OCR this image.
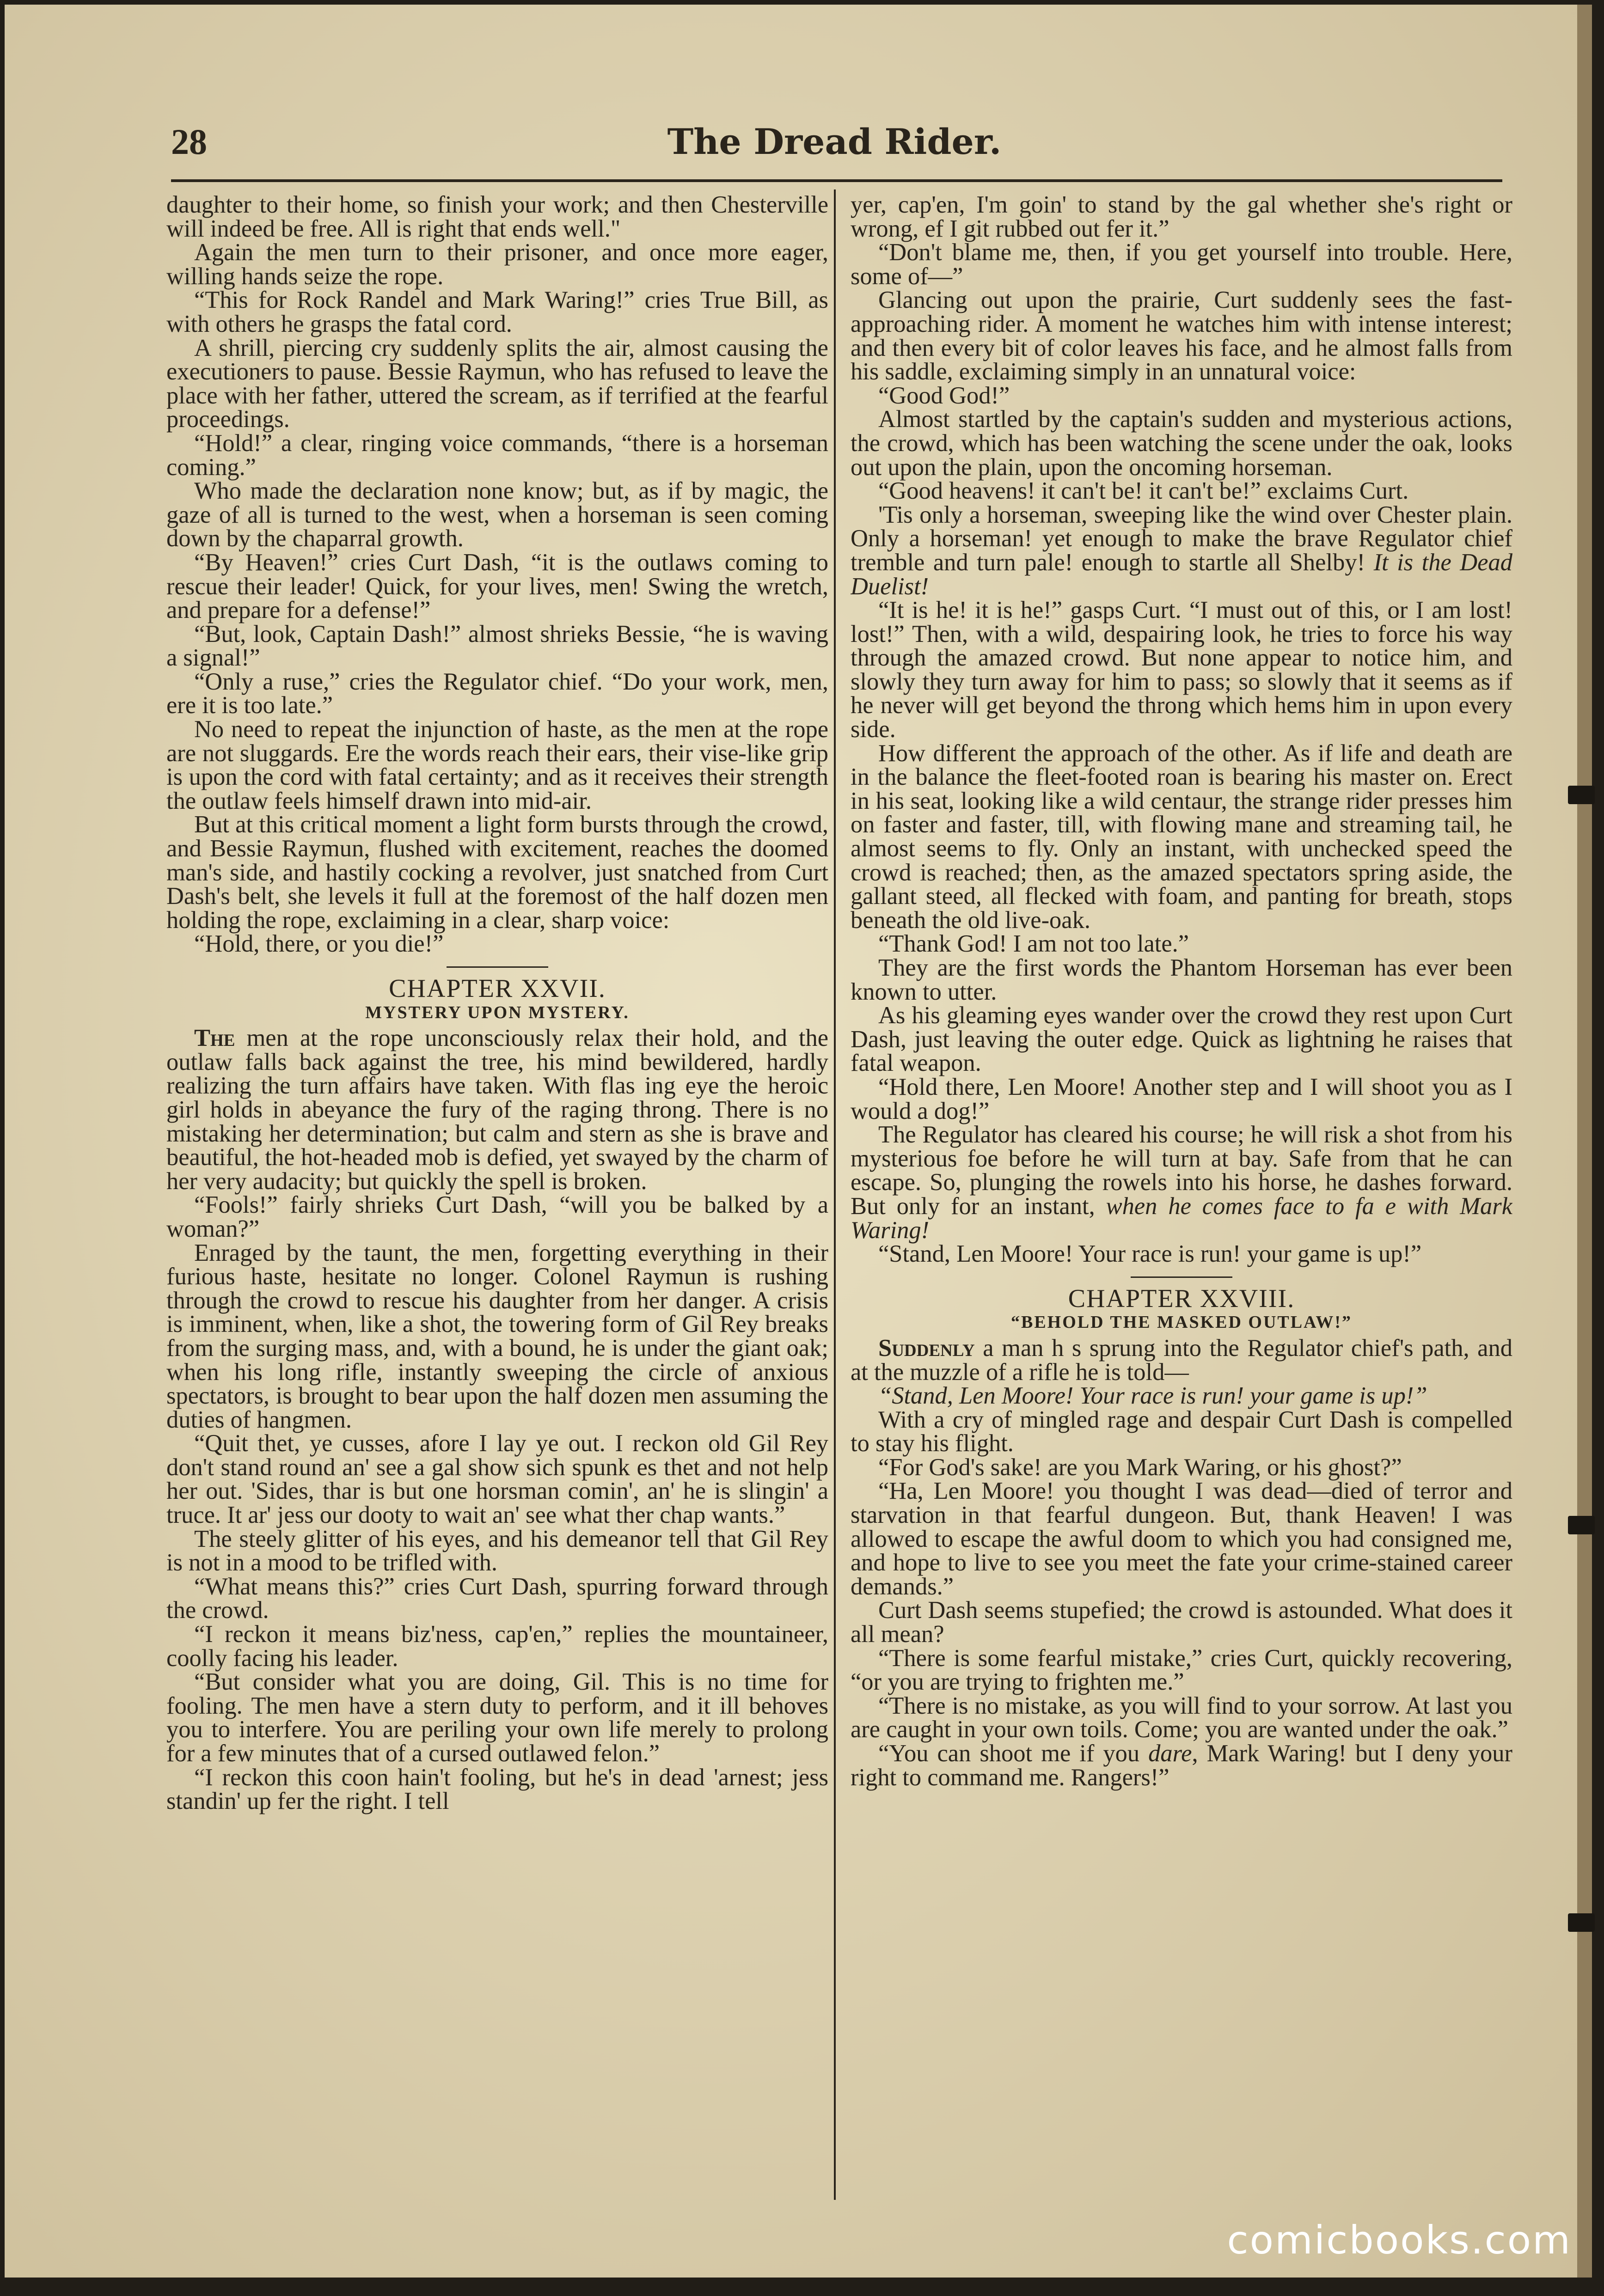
28	The Dread Rider.

daughter to their home, so finish your work; and then Chesterville will indeed be free. All is right that ends well."

Again the men turn to their prisoner, and once more eager, willing hands seize the rope.

“This for Rock Randel and Mark Waring!” cries True Bill, as with others he grasps the fatal cord.

A shrill, piercing cry suddenly splits the air, almost causing the executioners to pause. Bessie Raymun, who has refused to leave the place with her father, uttered the scream, as if terrified at the fearful proceedings.

“Hold!” a clear, ringing voice commands, “there is a horseman coming.”

Who made the declaration none know; but, as if by magic, the gaze of all is turned to the west, when a horseman is seen coming down by the chaparral growth.

“By Heaven!” cries Curt Dash, “it is the outlaws coming to rescue their leader! Quick, for your lives, men! Swing the wretch, and prepare for a defense!”

“But, look, Captain Dash!” almost shrieks Bessie, “he is waving a signal!”

“Only a ruse,” cries the Regulator chief. “Do your work, men, ere it is too late.”

No need to repeat the injunction of haste, as the men at the rope are not sluggards. Ere the words reach their ears, their vise-like grip is upon the cord with fatal certainty; and as it receives their strength the outlaw feels himself drawn into mid-air.

But at this critical moment a light form bursts through the crowd, and Bessie Raymun, flushed with excitement, reaches the doomed man's side, and hastily cocking a revolver, just snatched from Curt Dash's belt, she levels it full at the foremost of the half dozen men holding the rope, exclaiming in a clear, sharp voice:

“Hold, there, or you die!”

CHAPTER XXVII.
MYSTERY UPON MYSTERY.

The men at the rope unconsciously relax their hold, and the outlaw falls back against the tree, his mind bewildered, hardly realizing the turn affairs have taken. With flas ing eye the heroic girl holds in abeyance the fury of the raging throng. There is no mistaking her determination; but calm and stern as she is brave and beautiful, the hot-headed mob is defied, yet swayed by the charm of her very audacity; but quickly the spell is broken.

“Fools!” fairly shrieks Curt Dash, “will you be balked by a woman?”

Enraged by the taunt, the men, forgetting everything in their furious haste, hesitate no longer. Colonel Raymun is rushing through the crowd to rescue his daughter from her danger. A crisis is imminent, when, like a shot, the towering form of Gil Rey breaks from the surging mass, and, with a bound, he is under the giant oak; when his long rifle, instantly sweeping the circle of anxious spectators, is brought to bear upon the half dozen men assuming the duties of hangmen.

“Quit thet, ye cusses, afore I lay ye out. I reckon old Gil Rey don't stand round an' see a gal show sich spunk es thet and not help her out. 'Sides, thar is but one horsman comin', an' he is slingin' a truce. It ar' jess our dooty to wait an' see what ther chap wants.”

The steely glitter of his eyes, and his demeanor tell that Gil Rey is not in a mood to be trifled with.

“What means this?” cries Curt Dash, spurring forward through the crowd.

“I reckon it means biz'ness, cap'en,” replies the mountaineer, coolly facing his leader.

“But consider what you are doing, Gil. This is no time for fooling. The men have a stern duty to perform, and it ill behoves you to interfere. You are periling your own life merely to prolong for a few minutes that of a cursed outlawed felon.”

“I reckon this coon hain't fooling, but he's in dead 'arnest; jess standin' up fer the right. I tell

yer, cap'en, I'm goin' to stand by the gal whether she's right or wrong, ef I git rubbed out fer it.”

“Don't blame me, then, if you get yourself into trouble. Here, some of—”

Glancing out upon the prairie, Curt suddenly sees the fast-approaching rider. A moment he watches him with intense interest; and then every bit of color leaves his face, and he almost falls from his saddle, exclaiming simply in an unnatural voice:

“Good God!”

Almost startled by the captain's sudden and mysterious actions, the crowd, which has been watching the scene under the oak, looks out upon the plain, upon the oncoming horseman.

“Good heavens! it can't be! it can't be!” exclaims Curt.

'Tis only a horseman, sweeping like the wind over Chester plain. Only a horseman! yet enough to make the brave Regulator chief tremble and turn pale! enough to startle all Shelby! It is the Dead Duelist!

“It is he! it is he!” gasps Curt. “I must out of this, or I am lost! lost!” Then, with a wild, despairing look, he tries to force his way through the amazed crowd. But none appear to notice him, and slowly they turn away for him to pass; so slowly that it seems as if he never will get beyond the throng which hems him in upon every side.

How different the approach of the other. As if life and death are in the balance the fleet-footed roan is bearing his master on. Erect in his seat, looking like a wild centaur, the strange rider presses him on faster and faster, till, with flowing mane and streaming tail, he almost seems to fly. Only an instant, with unchecked speed the crowd is reached; then, as the amazed spectators spring aside, the gallant steed, all flecked with foam, and panting for breath, stops beneath the old live-oak.

“Thank God! I am not too late.”

They are the first words the Phantom Horseman has ever been known to utter.

As his gleaming eyes wander over the crowd they rest upon Curt Dash, just leaving the outer edge. Quick as lightning he raises that fatal weapon.

“Hold there, Len Moore! Another step and I will shoot you as I would a dog!”

The Regulator has cleared his course; he will risk a shot from his mysterious foe before he will turn at bay. Safe from that he can escape. So, plunging the rowels into his horse, he dashes forward. But only for an instant, when he comes face to fa e with Mark Waring!

“Stand, Len Moore! Your race is run! your game is up!”

CHAPTER XXVIII.
“BEHOLD THE MASKED OUTLAW!”

Suddenly a man h s sprung into the Regulator chief's path, and at the muzzle of a rifle he is told—

“Stand, Len Moore! Your race is run! your game is up!”

With a cry of mingled rage and despair Curt Dash is compelled to stay his flight.

“For God's sake! are you Mark Waring, or his ghost?”

“Ha, Len Moore! you thought I was dead—died of terror and starvation in that fearful dungeon. But, thank Heaven! I was allowed to escape the awful doom to which you had consigned me, and hope to live to see you meet the fate your crime-stained career demands.”

Curt Dash seems stupefied; the crowd is astounded. What does it all mean?

“There is some fearful mistake,” cries Curt, quickly recovering, “or you are trying to frighten me.”

“There is no mistake, as you will find to your sorrow. At last you are caught in your own toils. Come; you are wanted under the oak.”

“You can shoot me if you dare, Mark Waring! but I deny your right to command me. Rangers!”

comicbooks.com
